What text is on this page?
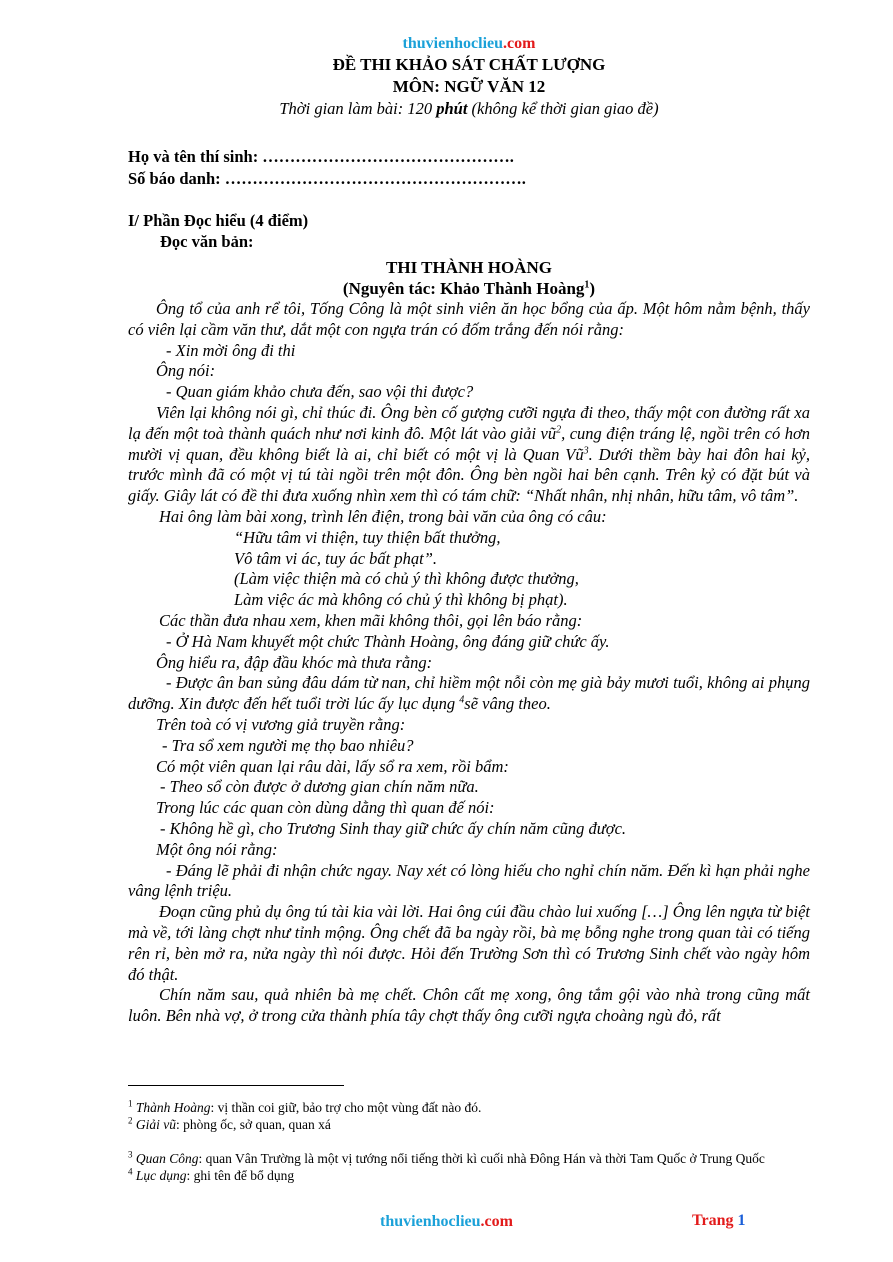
thuvienhoclieu.com
ĐỀ THI KHẢO SÁT CHẤT LƯỢNG
MÔN: NGỮ VĂN 12
Thời gian làm bài: 120 phút (không kể thời gian giao đề)
Họ và tên thí sinh: ……………………………………….
Số báo danh: ……………………………………………….
I/ Phần Đọc hiểu (4 điểm)
Đọc văn bản:
THI THÀNH HOÀNG
(Nguyên tác: Khảo Thành Hoàng$^1$)

Ông tổ của anh rể tôi, Tống Công là một sinh viên ăn học bổng của ấp. Một hôm nằm bệnh, thấy có viên lại cầm văn thư, dắt một con ngựa trán có đốm trắng đến nói rằng:

- Xin mời ông đi thi

Ông nói:

- Quan giám khảo chưa đến, sao vội thi được?

Viên lại không nói gì, chỉ thúc đi. Ông bèn cố gượng cưỡi ngựa đi theo, thấy một con đường rất xa lạ đến một toà thành quách như nơi kinh đô. Một lát vào giải $vũ^2$, cung điện tráng lệ, ngồi trên có hơn mười vị quan, đều không biết là ai, chỉ biết có một vị là Quan $Vũ^3$. Dưới thềm bày hai đôn hai kỷ, trước mình đã có một vị tú tài ngồi trên một đôn. Ông bèn ngồi hai bên cạnh. Trên kỷ có đặt bút và giấy. Giây lát có đề thi đưa xuống nhìn xem thì có tám chữ: “Nhất nhân, nhị nhân, hữu tâm, vô tâm”.

Hai ông làm bài xong, trình lên điện, trong bài văn của ông có câu:

“Hữu tâm vi thiện, tuy thiện bất thưởng,

Vô tâm vi ác, tuy ác bất phạt”.

(Làm việc thiện mà có chủ ý thì không được thưởng,

Làm việc ác mà không có chủ ý thì không bị phạt).

Các thần đưa nhau xem, khen mãi không thôi, gọi lên báo rằng:

- Ở Hà Nam khuyết một chức Thành Hoàng, ông đáng giữ chức ấy.

Ông hiểu ra, đập đầu khóc mà thưa rằng:

- Được ân ban sủng đâu dám từ nan, chỉ hiềm một nỗi còn mẹ già bảy mươi tuổi, không ai phụng dưỡng. Xin được đến hết tuổi trời lúc ấy lục dụng $^4$sẽ vâng theo.

Trên toà có vị vương giả truyền rằng:

- Tra sổ xem người mẹ thọ bao nhiêu?

Có một viên quan lại râu dài, lấy sổ ra xem, rồi bẩm:

- Theo sổ còn được ở dương gian chín năm nữa.

Trong lúc các quan còn dùng dằng thì quan đế nói:

- Không hề gì, cho Trương Sinh thay giữ chức ấy chín năm cũng được.

Một ông nói rằng:

- Đáng lẽ phải đi nhận chức ngay. Nay xét có lòng hiếu cho nghỉ chín năm. Đến kì hạn phải nghe vâng lệnh triệu.

Đoạn cũng phủ dụ ông tú tài kia vài lời. Hai ông cúi đầu chào lui xuống […] Ông lên ngựa từ biệt mà về, tới làng chợt như tỉnh mộng. Ông chết đã ba ngày rồi, bà mẹ bỗng nghe trong quan tài có tiếng rên rỉ, bèn mở ra, nửa ngày thì nói được. Hỏi đến Trường Sơn thì có Trương Sinh chết vào ngày hôm đó thật.

Chín năm sau, quả nhiên bà mẹ chết. Chôn cất mẹ xong, ông tắm gội vào nhà trong cũng mất luôn. Bên nhà vợ, ở trong cửa thành phía tây chợt thấy ông cưỡi ngựa choàng ngù đỏ, rất

$^1$ Thành Hoàng: vị thần coi giữ, bảo trợ cho một vùng đất nào đó.

$^2$ Giải vũ: phòng ốc, sở quan, quan xá

$^3$ Quan Công: quan Vân Trường là một vị tướng nổi tiếng thời kì cuối nhà Đông Hán và thời Tam Quốc ở Trung Quốc

$^4$ Lục dụng: ghi tên để bổ dụng

thuvienhoclieu.com	Trang 1
